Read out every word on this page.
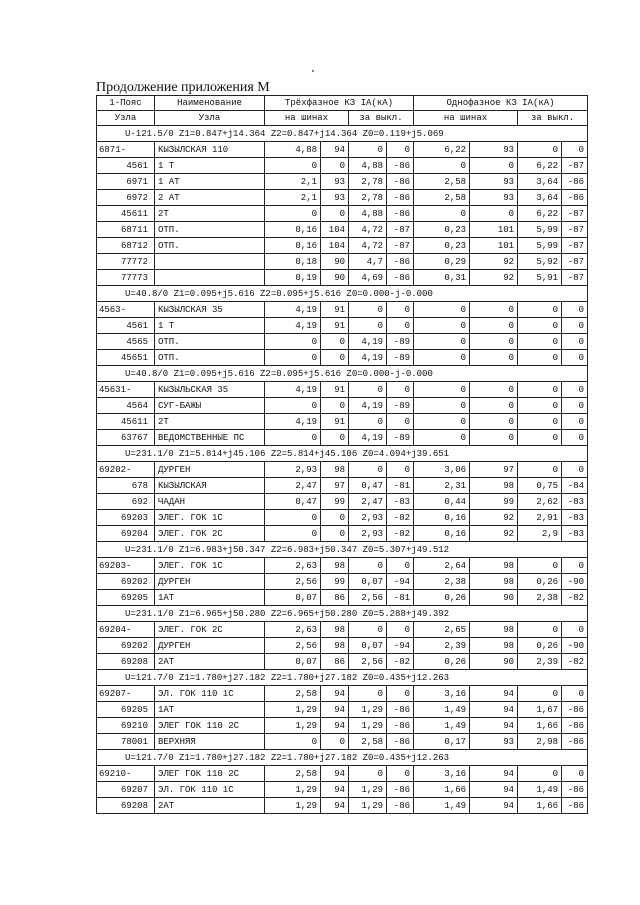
Продолжение приложения М
1-Пояс	Наименование	Трёхфазное КЗ IА(кА)				Однофазное КЗ IА(кА)			
Узла	Узла	на шинах		за выкл.		на шинах		за выкл.	
U-121.5/0 Z1=0.847+j14.364 Z2=0.847+j14.364 Z0=0.119+j5.069									
6871-	КЫЗЫЛСКАЯ 110	4,88	94	0	0	6,22	93	0	0
4561	1 Т	0	0	4,88	-86	0	0	6,22	-87
6971	1 АТ	2,1	93	2,78	-86	2,58	93	3,64	-86
6972	2 АТ	2,1	93	2,78	-86	2,58	93	3,64	-86
45611	2Т	0	0	4,88	-86	0	0	6,22	-87
68711	ОТП.	0,16	104	4,72	-87	0,23	101	5,99	-87
68712	ОТП.	0,16	104	4,72	-87	0,23	101	5,99	-87
77772		0,18	90	4,7	-86	0,29	92	5,92	-87
77773		0,19	90	4,69	-86	0,31	92	5,91	-87
U=40.8/0 Z1=0.095+j5.616 Z2=0.095+j5.616 Z0=0.000-j-0.000									
4563-	КЫЗЫЛСКАЯ 35	4,19	91	0	0	0	0	0	0
4561	1 Т	4,19	91	0	0	0	0	0	0
4565	ОТП.	0	0	4,19	-89	0	0	0	0
45651	ОТП.	0	0	4,19	-89	0	0	0	0
U=40.8/0 Z1=0.095+j5.616 Z2=0.095+j5.616 Z0=0.000-j-0.000									
45631-	КЫЗЫЛЬСКАЯ 35	4,19	91	0	0	0	0	0	0
4564	СУГ-БАЖЫ	0	0	4,19	-89	0	0	0	0
45611	2Т	4,19	91	0	0	0	0	0	0
63767	ВЕДОМСТВЕННЫЕ ПС	0	0	4,19	-89	0	0	0	0
U=231.1/0 Z1=5.814+j45.106 Z2=5.814+j45.106 Z0=4.094+j39.651									
69202-	ДУРГЕН	2,93	98	0	0	3,06	97	0	0
678	КЫЗЫЛСКАЯ	2,47	97	0,47	-81	2,31	98	0,75	-84
692	ЧАДАН	0,47	99	2,47	-83	0,44	99	2,62	-83
69203	ЭЛЕГ. ГОК 1С	0	0	2,93	-82	0,16	92	2,91	-83
69204	ЭЛЕГ. ГОК 2С	0	0	2,93	-82	0,16	92	2,9	-83
U=231.1/0 Z1=6.983+j50.347 Z2=6.983+j50.347 Z0=5.307+j49.512									
69203-	ЭЛЕГ. ГОК 1С	2,63	98	0	0	2,64	98	0	0
69202	ДУРГЕН	2,56	99	0,07	-94	2,38	98	0,26	-90
69205	1АТ	0,07	86	2,56	-81	0,26	90	2,38	-82
U=231.1/0 Z1=6.965+j50.280 Z2=6.965+j50.280 Z0=5.288+j49.392									
69204-	ЭЛЕГ. ГОК 2С	2,63	98	0	0	2,65	98	0	0
69202	ДУРГЕН	2,56	98	0,07	-94	2,39	98	0,26	-90
69208	2АТ	0,07	86	2,56	-82	0,26	90	2,39	-82
U=121.7/0 Z1=1.780+j27.182 Z2=1.780+j27.182 Z0=0.435+j12.263									
69207-	ЭЛ. ГОК 110 1С	2,58	94	0	0	3,16	94	0	0
69205	1АТ	1,29	94	1,29	-86	1,49	94	1,67	-86
69210	ЭЛЕГ ГОК 110 2С	1,29	94	1,29	-86	1,49	94	1,66	-86
78001	ВЕРХНЯЯ	0	0	2,58	-86	0,17	93	2,98	-86
U=121.7/0 Z1=1.780+j27.182 Z2=1.780+j27.182 Z0=0.435+j12.263									
69210-	ЭЛЕГ ГОК 110 2С	2,58	94	0	0	3,16	94	0	0
69207	ЭЛ. ГОК 110 1С	1,29	94	1,29	-86	1,66	94	1,49	-86
69208	2АТ	1,29	94	1,29	-86	1,49	94	1,66	-86
